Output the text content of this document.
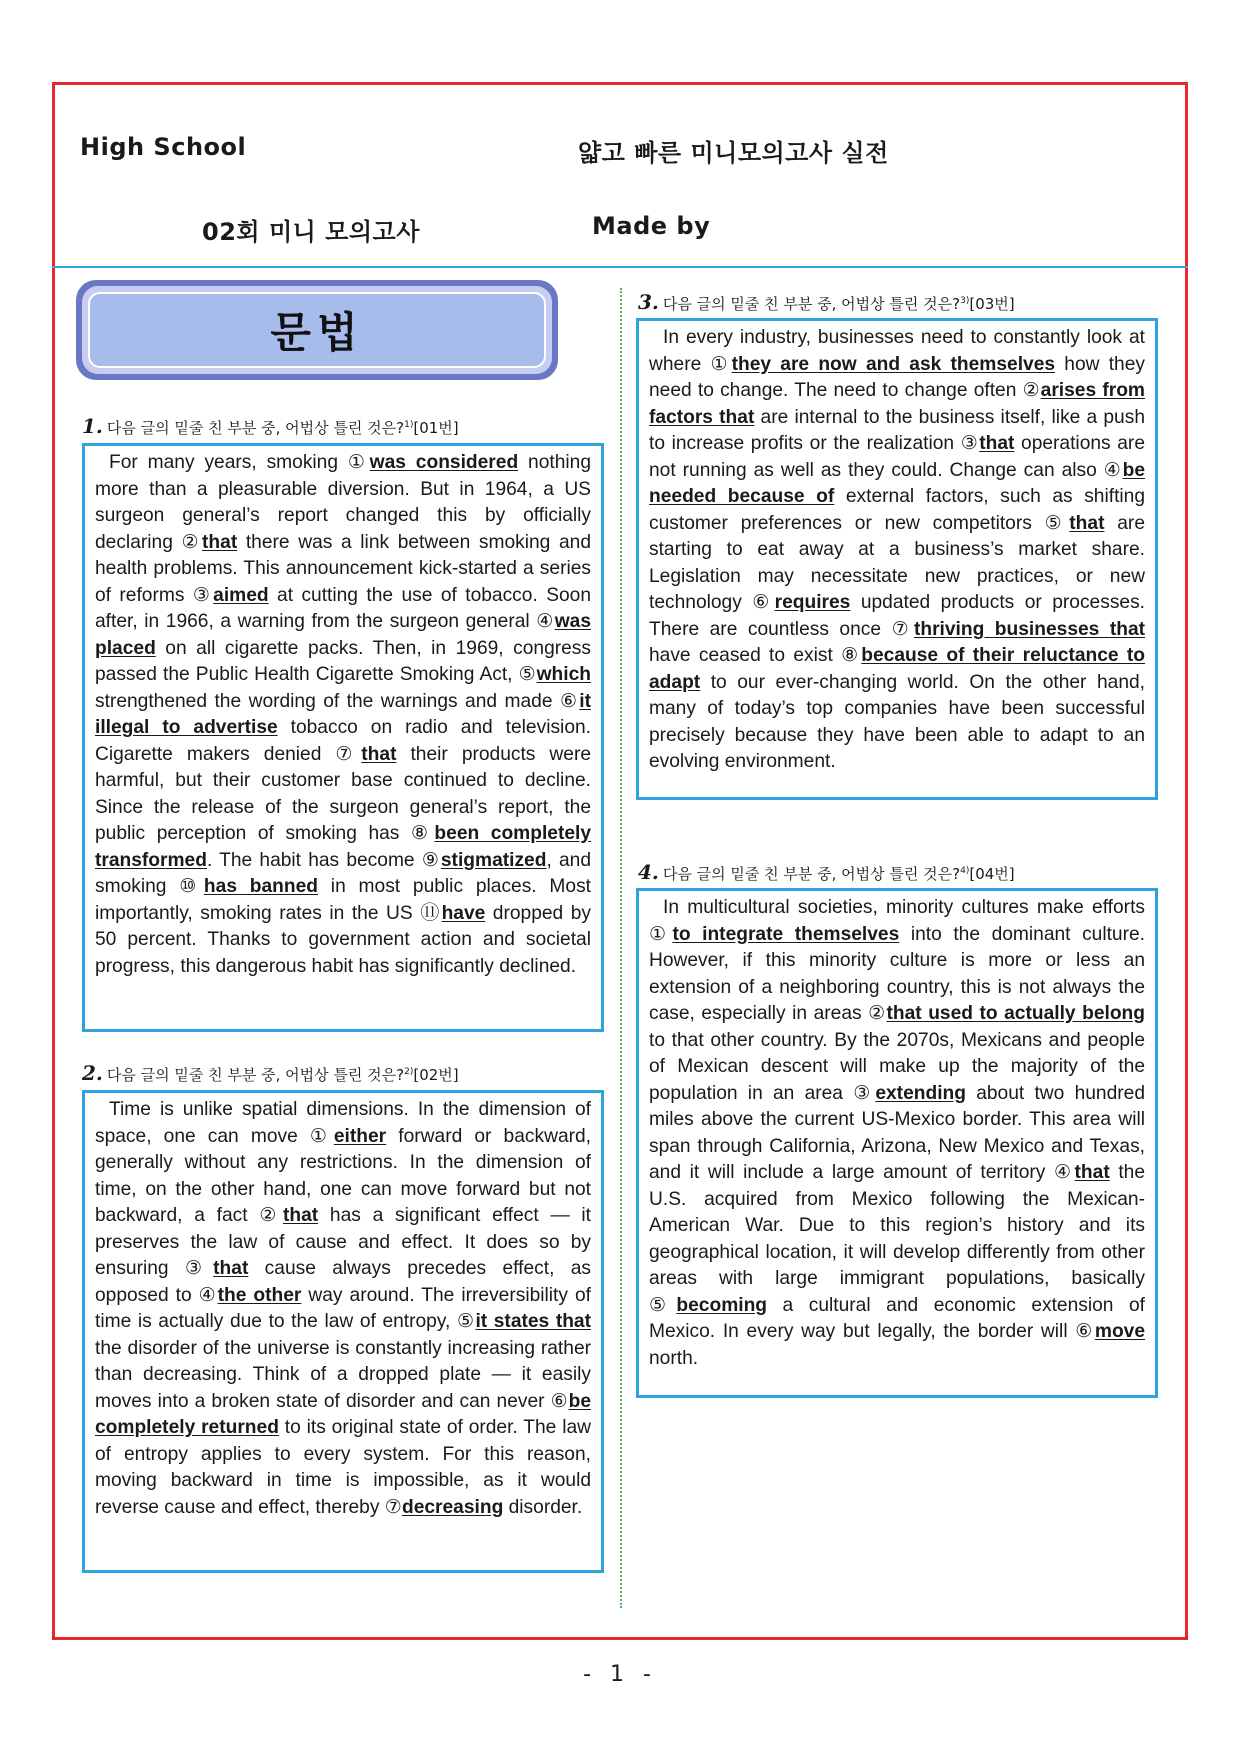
High School	얇고 빠른 미니모의고사 실전
02회 미니 모의고사	Made by
문법
1. 다음 글의 밑줄 친 부분 중, 어법상 틀린 것은?$^{1)}$[01번]
For many years, smoking ①was considered nothing more than a pleasurable diversion. But in 1964, a US surgeon general’s report changed this by officially declaring ②that there was a link between smoking and health problems. This announcement kick-started a series of reforms ③aimed at cutting the use of tobacco. Soon after, in 1966, a warning from the surgeon general ④was placed on all cigarette packs. Then, in 1969, congress passed the Public Health Cigarette Smoking Act, ⑤which strengthened the wording of the warnings and made ⑥it illegal to advertise tobacco on radio and television. Cigarette makers denied ⑦that their products were harmful, but their customer base continued to decline. Since the release of the surgeon general’s report, the public perception of smoking has ⑧been completely transformed. The habit has become ⑨stigmatized, and smoking ⑩has banned in most public places. Most importantly, smoking rates in the US ⑪have dropped by 50 percent. Thanks to government action and societal progress, this dangerous habit has significantly declined.
2. 다음 글의 밑줄 친 부분 중, 어법상 틀린 것은?$^{2)}$[02번]
Time is unlike spatial dimensions. In the dimension of space, one can move ①either forward or backward, generally without any restrictions. In the dimension of time, on the other hand, one can move forward but not backward, a fact ②that has a significant effect — it preserves the law of cause and effect. It does so by ensuring ③that cause always precedes effect, as opposed to ④the other way around. The irreversibility of time is actually due to the law of entropy, ⑤it states that the disorder of the universe is constantly increasing rather than decreasing. Think of a dropped plate — it easily moves into a broken state of disorder and can never ⑥be completely returned to its original state of order. The law of entropy applies to every system. For this reason, moving backward in time is impossible, as it would reverse cause and effect, thereby ⑦decreasing disorder.
3. 다음 글의 밑줄 친 부분 중, 어법상 틀린 것은?$^{3)}$[03번]
In every industry, businesses need to constantly look at where ①they are now and ask themselves how they need to change. The need to change often ②arises from factors that are internal to the business itself, like a push to increase profits or the realization ③that operations are not running as well as they could. Change can also ④be needed because of external factors, such as shifting customer preferences or new competitors ⑤that are starting to eat away at a business’s market share. Legislation may necessitate new practices, or new technology ⑥requires updated products or processes. There are countless once ⑦thriving businesses that have ceased to exist ⑧because of their reluctance to adapt to our ever-changing world. On the other hand, many of today’s top companies have been successful precisely because they have been able to adapt to an evolving environment.
4. 다음 글의 밑줄 친 부분 중, 어법상 틀린 것은?$^{4)}$[04번]
In multicultural societies, minority cultures make efforts ①to integrate themselves into the dominant culture. However, if this minority culture is more or less an extension of a neighboring country, this is not always the case, especially in areas ②that used to actually belong to that other country. By the 2070s, Mexicans and people of Mexican descent will make up the majority of the population in an area ③extending about two hundred miles above the current US-Mexico border. This area will span through California, Arizona, New Mexico and Texas, and it will include a large amount of territory ④that the U.S. acquired from Mexico following the Mexican-American War. Due to this region’s history and its geographical location, it will develop differently from other areas with large immigrant populations, basically ⑤becoming a cultural and economic extension of Mexico. In every way but legally, the border will ⑥move north.
- 1 -
